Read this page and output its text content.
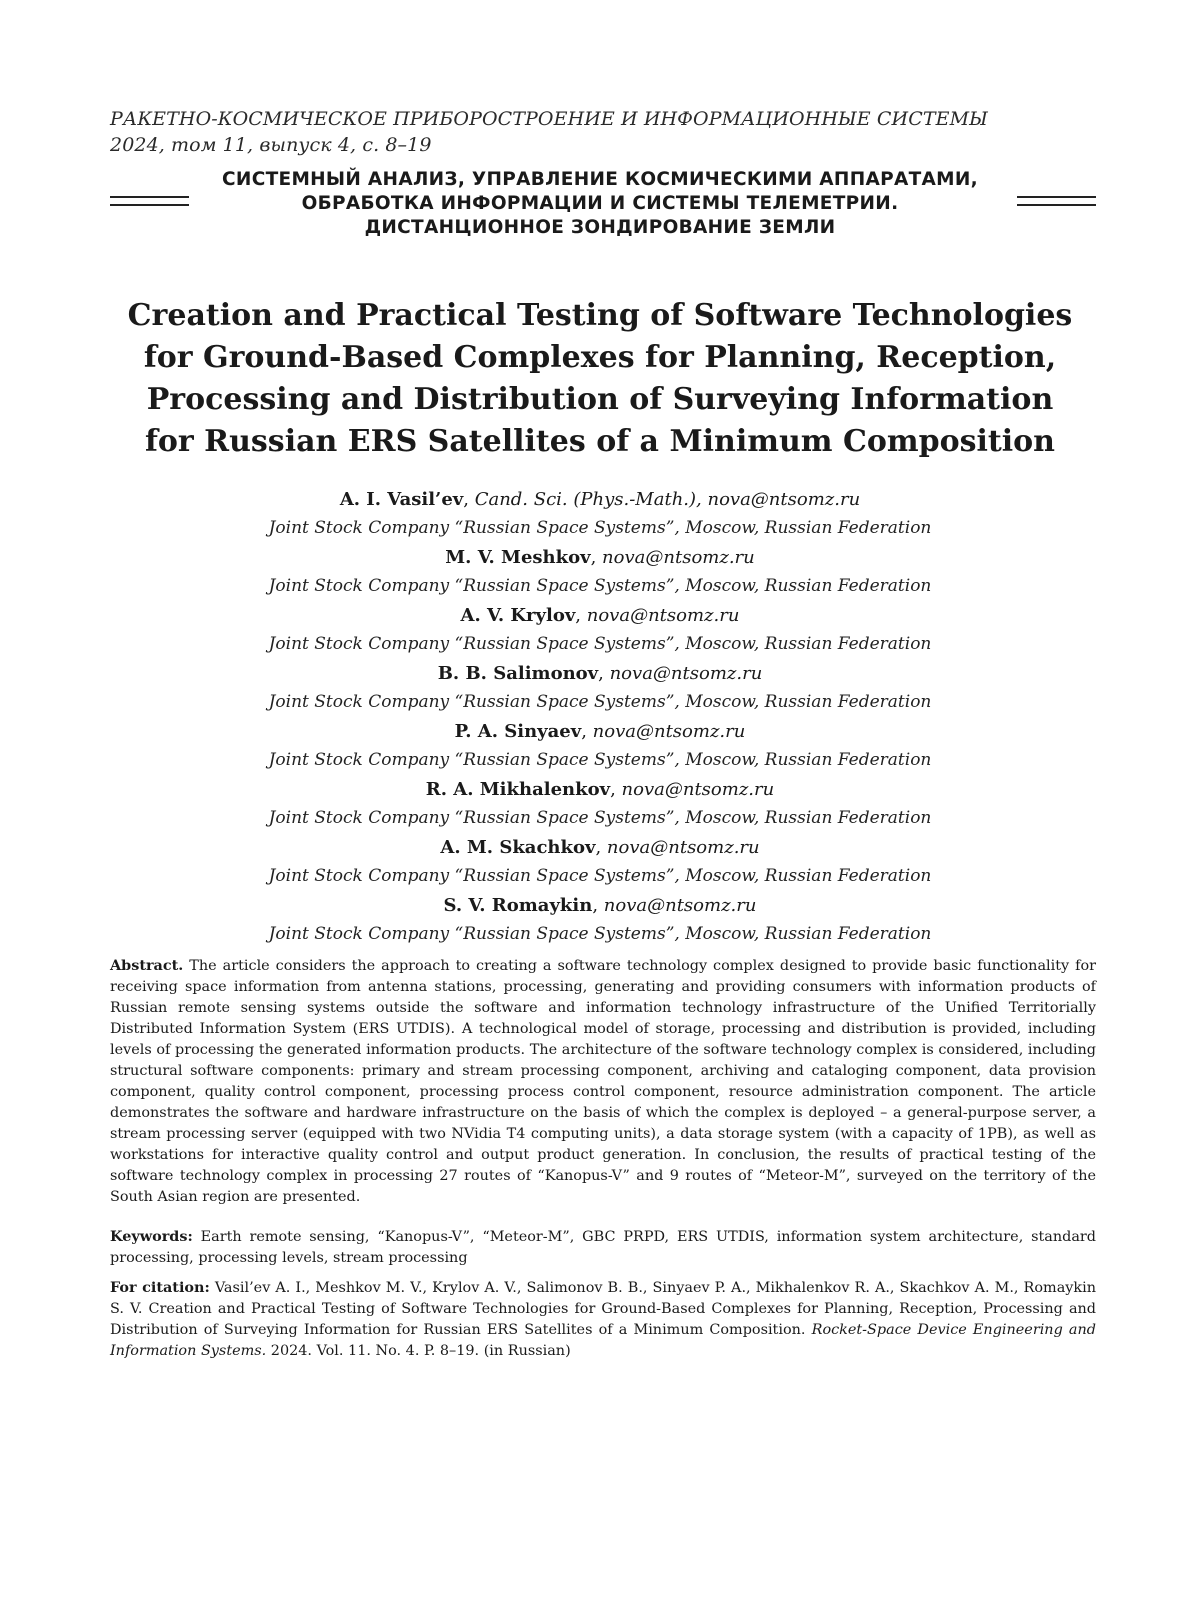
РАКЕТНО-КОСМИЧЕСКОЕ ПРИБОРОСТРОЕНИЕ И ИНФОРМАЦИОННЫЕ СИСТЕМЫ
2024, том 11, выпуск 4, с. 8–19
СИСТЕМНЫЙ АНАЛИЗ, УПРАВЛЕНИЕ КОСМИЧЕСКИМИ АППАРАТАМИ,
ОБРАБОТКА ИНФОРМАЦИИ И СИСТЕМЫ ТЕЛЕМЕТРИИ.
ДИСТАНЦИОННОЕ ЗОНДИРОВАНИЕ ЗЕМЛИ
Creation and Practical Testing of Software Technologies
for Ground-Based Complexes for Planning, Reception,
Processing and Distribution of Surveying Information
for Russian ERS Satellites of a Minimum Composition
A. I. Vasil’ev, Cand. Sci. (Phys.-Math.), nova@ntsomz.ru
Joint Stock Company “Russian Space Systems”, Moscow, Russian Federation
M. V. Meshkov, nova@ntsomz.ru
Joint Stock Company “Russian Space Systems”, Moscow, Russian Federation
A. V. Krylov, nova@ntsomz.ru
Joint Stock Company “Russian Space Systems”, Moscow, Russian Federation
B. B. Salimonov, nova@ntsomz.ru
Joint Stock Company “Russian Space Systems”, Moscow, Russian Federation
P. A. Sinyaev, nova@ntsomz.ru
Joint Stock Company “Russian Space Systems”, Moscow, Russian Federation
R. A. Mikhalenkov, nova@ntsomz.ru
Joint Stock Company “Russian Space Systems”, Moscow, Russian Federation
A. M. Skachkov, nova@ntsomz.ru
Joint Stock Company “Russian Space Systems”, Moscow, Russian Federation
S. V. Romaykin, nova@ntsomz.ru
Joint Stock Company “Russian Space Systems”, Moscow, Russian Federation
Abstract. The article considers the approach to creating a software technology complex designed to provide basic functionality for receiving space information from antenna stations, processing, generating and providing consumers with information products of Russian remote sensing systems outside the software and information technology infrastructure of the Unified Territorially Distributed Information System (ERS UTDIS). A technological model of storage, processing and distribution is provided, including levels of processing the generated information products. The architecture of the software technology complex is considered, including structural software components: primary and stream processing component, archiving and cataloging component, data provision component, quality control component, processing process control component, resource administration component. The article demonstrates the software and hardware infrastructure on the basis of which the complex is deployed – a general-purpose server, a stream processing server (equipped with two NVidia T4 computing units), a data storage system (with a capacity of 1PB), as well as workstations for interactive quality control and output product generation. In conclusion, the results of practical testing of the software technology complex in processing 27 routes of “Kanopus-V” and 9 routes of “Meteor-M”, surveyed on the territory of the South Asian region are presented.
Keywords: Earth remote sensing, “Kanopus-V”, “Meteor-M”, GBC PRPD, ERS UTDIS, information system architecture, standard processing, processing levels, stream processing
For citation: Vasil’ev A. I., Meshkov M. V., Krylov A. V., Salimonov B. B., Sinyaev P. A., Mikhalenkov R. A., Skachkov A. M., Romaykin S. V. Creation and Practical Testing of Software Technologies for Ground-Based Complexes for Planning, Reception, Processing and Distribution of Surveying Information for Russian ERS Satellites of a Minimum Composition. Rocket-Space Device Engineering and Information Systems. 2024. Vol. 11. No. 4. P. 8–19. (in Russian)
